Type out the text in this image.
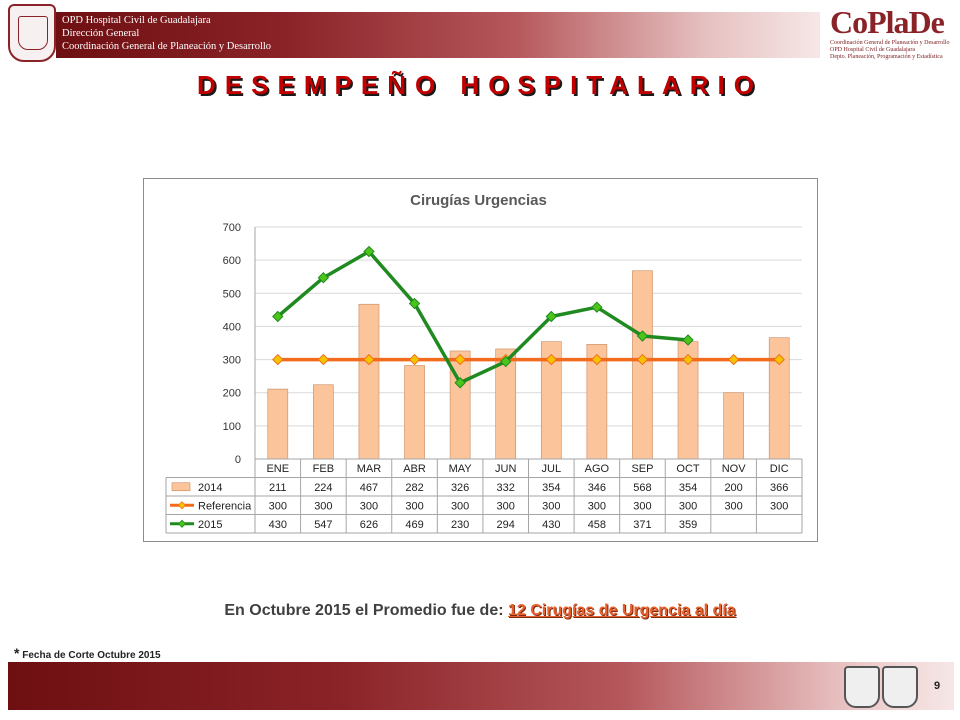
OPD Hospital Civil de Guadalajara
Dirección General
Coordinación General de Planeación y Desarrollo
CoPlaDe
Coordinación General de Planeación y Desarrollo
OPD Hospital Civil de Guadalajara
Depto. Planeación, Programación y Estadística
DESEMPEÑO HOSPITALARIO
Cirugías Urgencias
0
100
200
300
400
500
600
700
ENE FEB MAR ABR MAY JUN JUL AGO SEP OCT NOV DIC
2014	211	224 467 282 326 332 354 346 568 354 200 366
Referencia 300 300 300 300 300 300 300 300 300 300 300 300
2015	430 547 626 469 230 294 430 458 371 359
En Octubre 2015 el Promedio fue de: 12 Cirugías de Urgencia al día
* Fecha de Corte Octubre 2015
9
